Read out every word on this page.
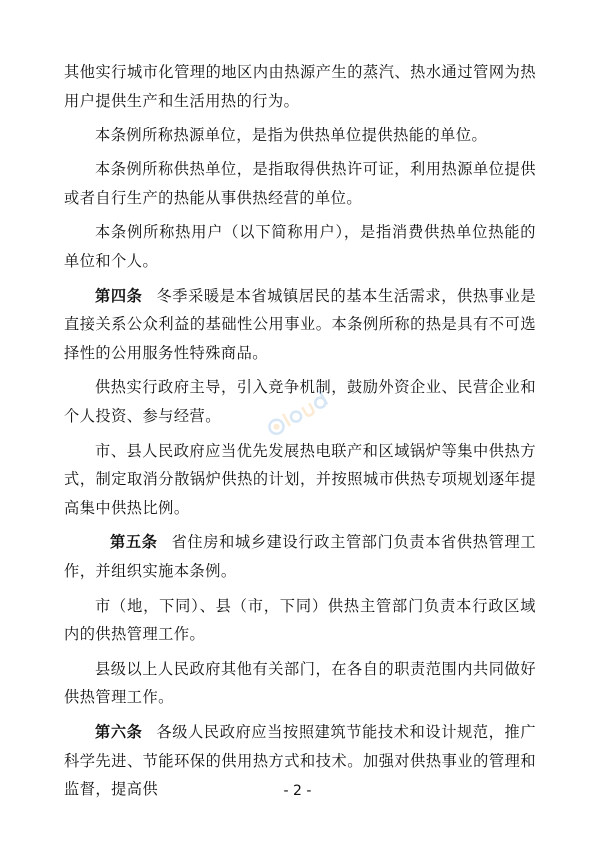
其他实行城市化管理的地区内由热源产生的蒸汽、热水通过管网为热用户提供生产和生活用热的行为。

本条例所称热源单位，是指为供热单位提供热能的单位。

本条例所称供热单位，是指取得供热许可证，利用热源单位提供或者自行生产的热能从事供热经营的单位。

本条例所称热用户（以下简称用户），是指消费供热单位热能的单位和个人。

第四条 冬季采暖是本省城镇居民的基本生活需求，供热事业是直接关系公众利益的基础性公用事业。本条例所称的热是具有不可选择性的公用服务性特殊商品。

供热实行政府主导，引入竞争机制，鼓励外资企业、民营企业和个人投资、参与经营。

市、县人民政府应当优先发展热电联产和区域锅炉等集中供热方式，制定取消分散锅炉供热的计划，并按照城市供热专项规划逐年提高集中供热比例。

第五条 省住房和城乡建设行政主管部门负责本省供热管理工作，并组织实施本条例。

市（地，下同）、县（市，下同）供热主管部门负责本行政区域内的供热管理工作。

县级以上人民政府其他有关部门，在各自的职责范围内共同做好供热管理工作。

第六条 各级人民政府应当按照建筑节能技术和设计规范，推广科学先进、节能环保的供用热方式和技术。加强对供热事业的管理和监督，提高供	- 2 -
